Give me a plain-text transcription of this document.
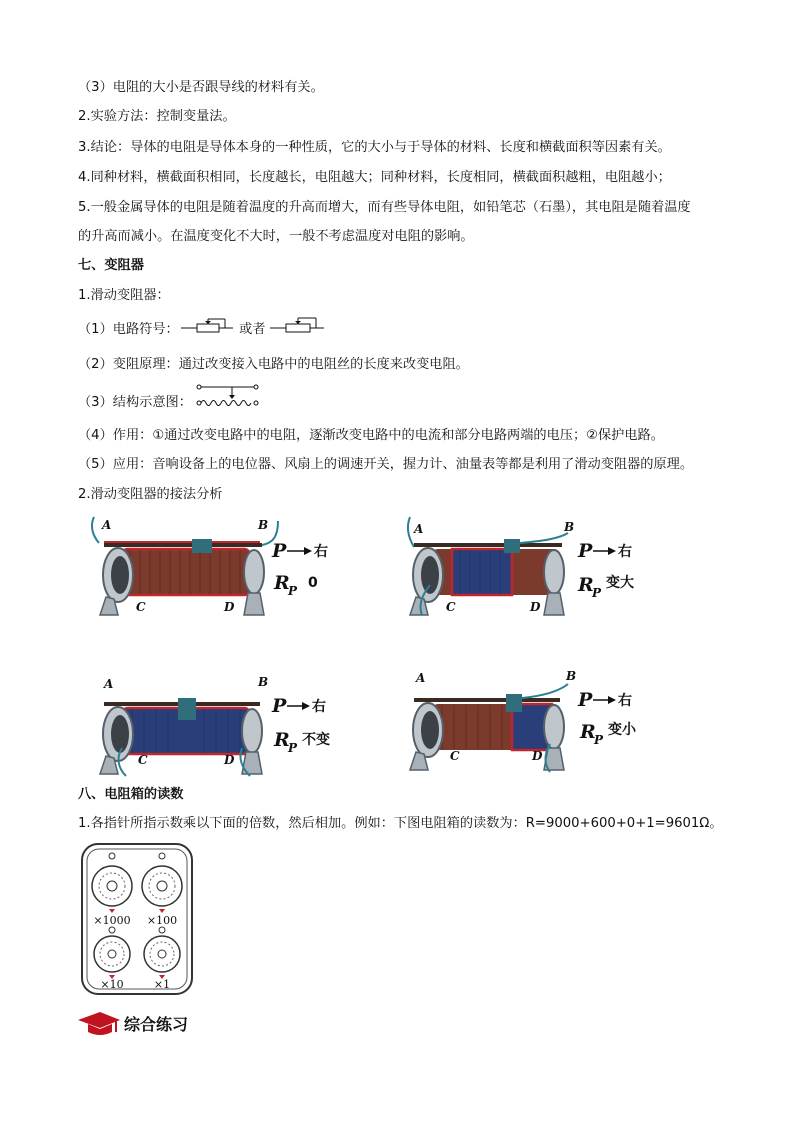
（3）电阻的大小是否跟导线的材料有关。
2.实验方法：控制变量法。
3.结论：导体的电阻是导体本身的一种性质，它的大小与于导体的材料、长度和横截面积等因素有关。
4.同种材料，横截面积相同，长度越长，电阻越大；同种材料，长度相同，横截面积越粗，电阻越小；
5.一般金属导体的电阻是随着温度的升高而增大，而有些导体电阻，如铅笔芯（石墨），其电阻是随着温度
的升高而减小。在温度变化不大时，一般不考虑温度对电阻的影响。
七、变阻器
1.滑动变阻器：
（1）电路符号：	或者
（2）变阻原理：通过改变接入电路中的电阻丝的长度来改变电阻。
（3）结构示意图：
（4）作用：①通过改变电路中的电阻，逐渐改变电路中的电流和部分电路两端的电压；②保护电路。
（5）应用：音响设备上的电位器、风扇上的调速开关，握力计、油量表等都是利用了滑动变阻器的原理。
2.滑动变阻器的接法分析
A	B
C	D
P 右
R
P 0
A	B
C	D
P 右
R
P
变大
A	B
C	D
P 右
R
P 不变
A	B
C	D
P 右
R
P
变小
八、电阻箱的读数
1.各指针所指示数乘以下面的倍数，然后相加。例如：下图电阻箱的读数为：R=9000+600+0+1=9601Ω。
×1000 ×100
×10	×1
综合练习
